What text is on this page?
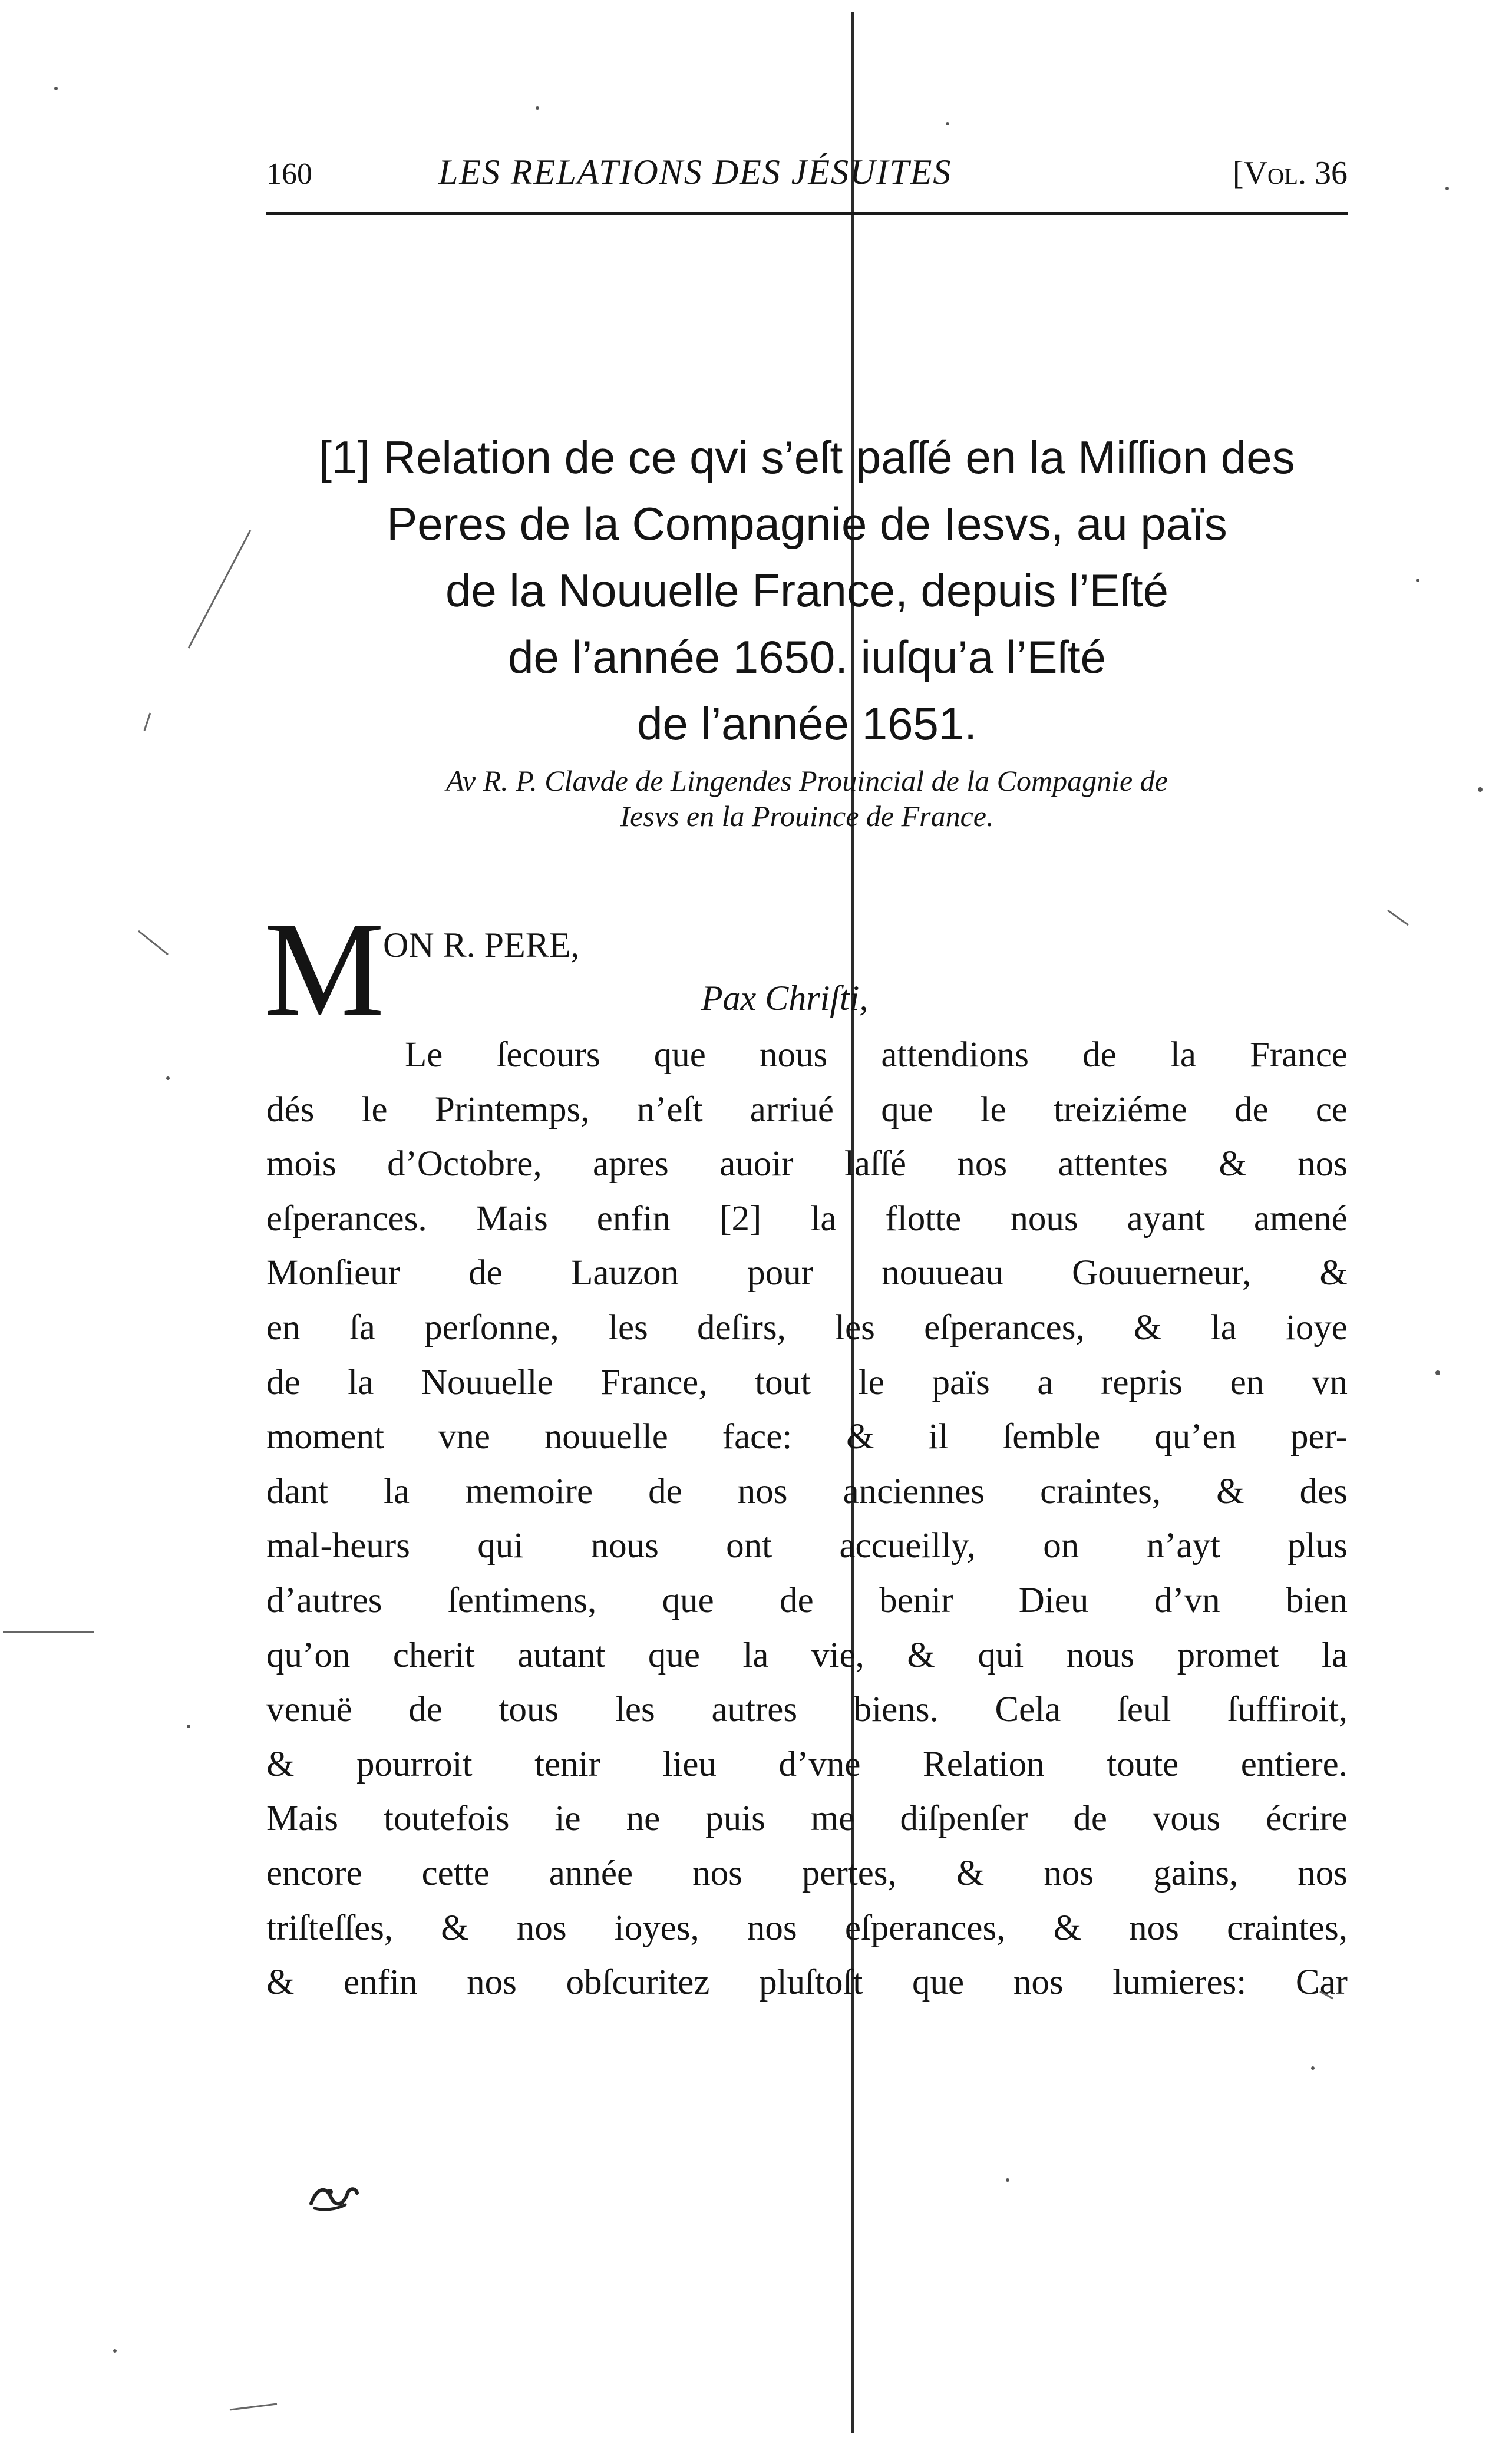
160	LES RELATIONS DES JÉSUITES	[Vol. 36
[1] Relation de ce qvi s’eſt paſſé en la Miſſion des
Peres de la Compagnie de Iesvs, au païs
de la Nouuelle France, depuis l’Eſté
de l’année 1650. iuſqu’a l’Eſté
de l’année 1651.
Av R. P. Clavde de Lingendes Prouincial de la Compagnie de
Iesvs en la Prouince de France.
M
ON R. PERE,
Pax Chriſti,
Le ſecours que nous attendions de la France
dés le Printemps, n’eſt arriué que le treiziéme de ce
mois d’Octobre, apres auoir laſſé nos attentes & nos
eſperances. Mais enfin [2] la flotte nous ayant amené
Monſieur de Lauzon pour nouueau Gouuerneur, &
en ſa perſonne, les deſirs, les eſperances, & la ioye
de la Nouuelle France, tout le païs a repris en vn
moment vne nouuelle face: & il ſemble qu’en per-
dant la memoire de nos anciennes craintes, & des
mal-heurs qui nous ont accueilly, on n’ayt plus
d’autres ſentimens, que de benir Dieu d’vn bien
qu’on cherit autant que la vie, & qui nous promet la
venuë de tous les autres biens. Cela ſeul ſuffiroit,
& pourroit tenir lieu d’vne Relation toute entiere.
Mais toutefois ie ne puis me diſpenſer de vous écrire
encore cette année nos pertes, & nos gains, nos
triſteſſes, & nos ioyes, nos eſperances, & nos craintes,
& enfin nos obſcuritez pluſtoſt que nos lumieres: Car
